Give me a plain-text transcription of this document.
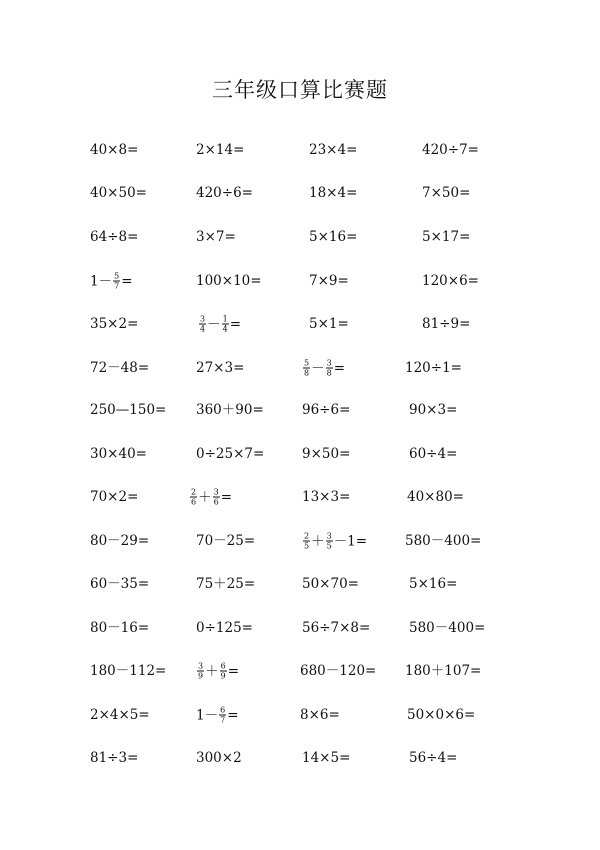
三年级口算比赛题
40×8=	2×14=	23×4=	420÷7=
40×50=	420÷6=	18×4=	7×50=
64÷8=	3×7=	5×16=	5×17=
$1- \frac{5}{7}$ =	100×10=	7×9=	120×6=
35×2=	$\frac{3}{4} - \frac{1}{4}$ =	5×1=	81÷9=
72－48=	27×3=	$\frac{5}{8} - \frac{3}{8}$ =	120÷1=
250—150= 360＋90=	96÷6=	90×3=
30×40=	0÷25×7=	9×50=	60÷4=
70×2=	$\frac{2}{6} + \frac{3}{6}$ =	13×3=	40×80=
80－29=	70－25=	$\frac{2}{5} + \frac{3}{5} -1=$	580－400=
60－35=	75＋25=	50×70=	5×16=
80－16=	0÷125=	56÷7×8=	580－400=
180－112=	$\frac{3}{9} + \frac{6}{9}$ =	680－120= 180＋107=
2×4×5=	$1- \frac{6}{7}$ =	8×6=	50×0×6=
81÷3=	300×2	14×5=	56÷4=
